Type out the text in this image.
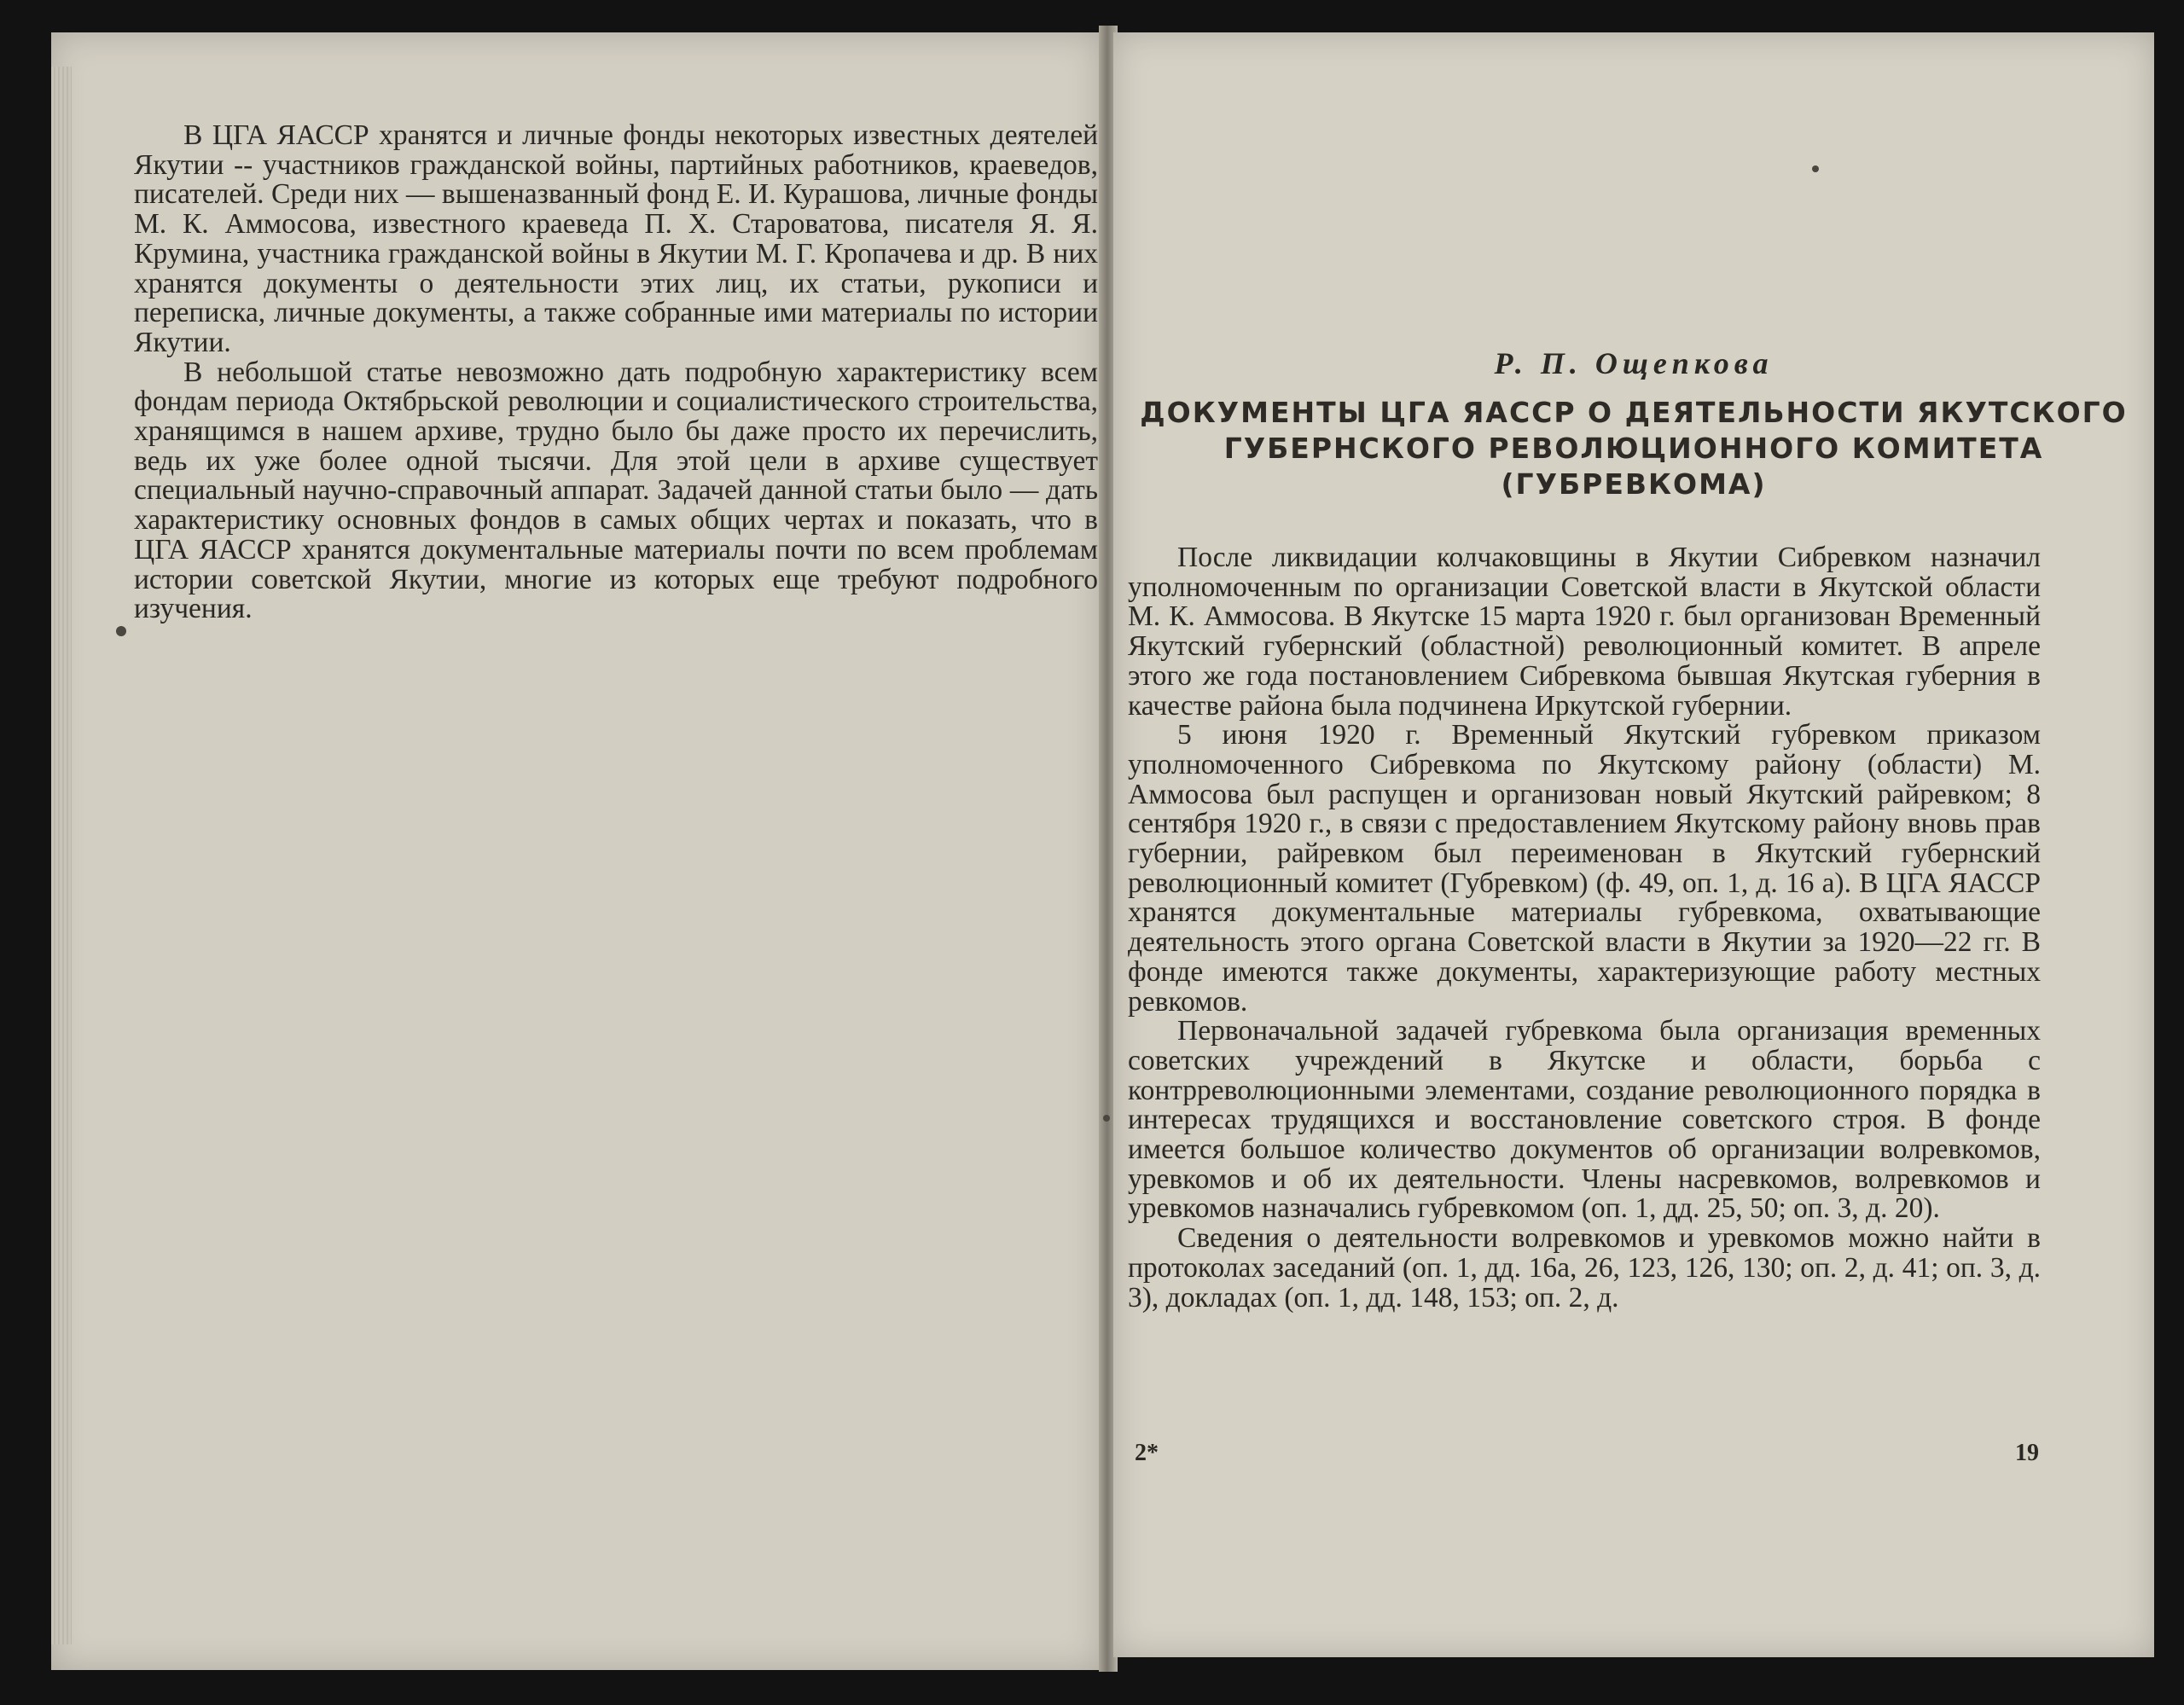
В ЦГА ЯАССР хранятся и личные фонды некоторых известных деятелей Якутии -- участников гражданской войны, партийных работников, краеведов, писателей. Среди них — вышеназванный фонд Е. И. Курашова, личные фонды М. К. Аммосова, известного краеведа П. Х. Староватова, писателя Я. Я. Крумина, участника гражданской войны в Якутии М. Г. Кропачева и др. В них хранятся документы о деятельности этих лиц, их статьи, рукописи и переписка, личные документы, а также собранные ими материалы по истории Якутии.

В небольшой статье невозможно дать подробную характеристику всем фондам периода Октябрьской революции и социалистического строительства, хранящимся в нашем архиве, трудно было бы даже просто их перечислить, ведь их уже более одной тысячи. Для этой цели в архиве существует специальный научно-справочный аппарат. Задачей данной статьи было — дать характеристику основных фондов в самых общих чертах и показать, что в ЦГА ЯАССР хранятся документальные материалы почти по всем проблемам истории советской Якутии, многие из которых еще требуют подробного изучения.

Р. П. Ощепкова
ДОКУМЕНТЫ ЦГА ЯАССР О ДЕЯТЕЛЬНОСТИ ЯКУТСКОГО ГУБЕРНСКОГО РЕВОЛЮЦИОННОГО КОМИТЕТА (ГУБРЕВКОМА)

После ликвидации колчаковщины в Якутии Сибревком назначил уполномоченным по организации Советской власти в Якутской области М. К. Аммосова. В Якутске 15 марта 1920 г. был организован Временный Якутский губернский (областной) революционный комитет. В апреле этого же года постановлением Сибревкома бывшая Якутская губерния в качестве района была подчинена Иркутской губернии.

5 июня 1920 г. Временный Якутский губревком приказом уполномоченного Сибревкома по Якутскому району (области) М. Аммосова был распущен и организован новый Якутский райревком; 8 сентября 1920 г., в связи с предоставлением Якутскому району вновь прав губернии, райревком был переименован в Якутский губернский революционный комитет (Губревком) (ф. 49, оп. 1, д. 16 а). В ЦГА ЯАССР хранятся документальные материалы губревкома, охватывающие деятельность этого органа Советской власти в Якутии за 1920—22 гг. В фонде имеются также документы, характеризующие работу местных ревкомов.

Первоначальной задачей губревкома была организация временных советских учреждений в Якутске и области, борьба с контрреволюционными элементами, создание революционного порядка в интересах трудящихся и восстановление советского строя. В фонде имеется большое количество документов об организации волревкомов, уревкомов и об их деятельности. Члены насревкомов, волревкомов и уревкомов назначались губревкомом (оп. 1, дд. 25, 50; оп. 3, д. 20).

Сведения о деятельности волревкомов и уревкомов можно найти в протоколах заседаний (оп. 1, дд. 16а, 26, 123, 126, 130; оп. 2, д. 41; оп. 3, д. 3), докладах (оп. 1, дд. 148, 153; оп. 2, д.

2*	19
